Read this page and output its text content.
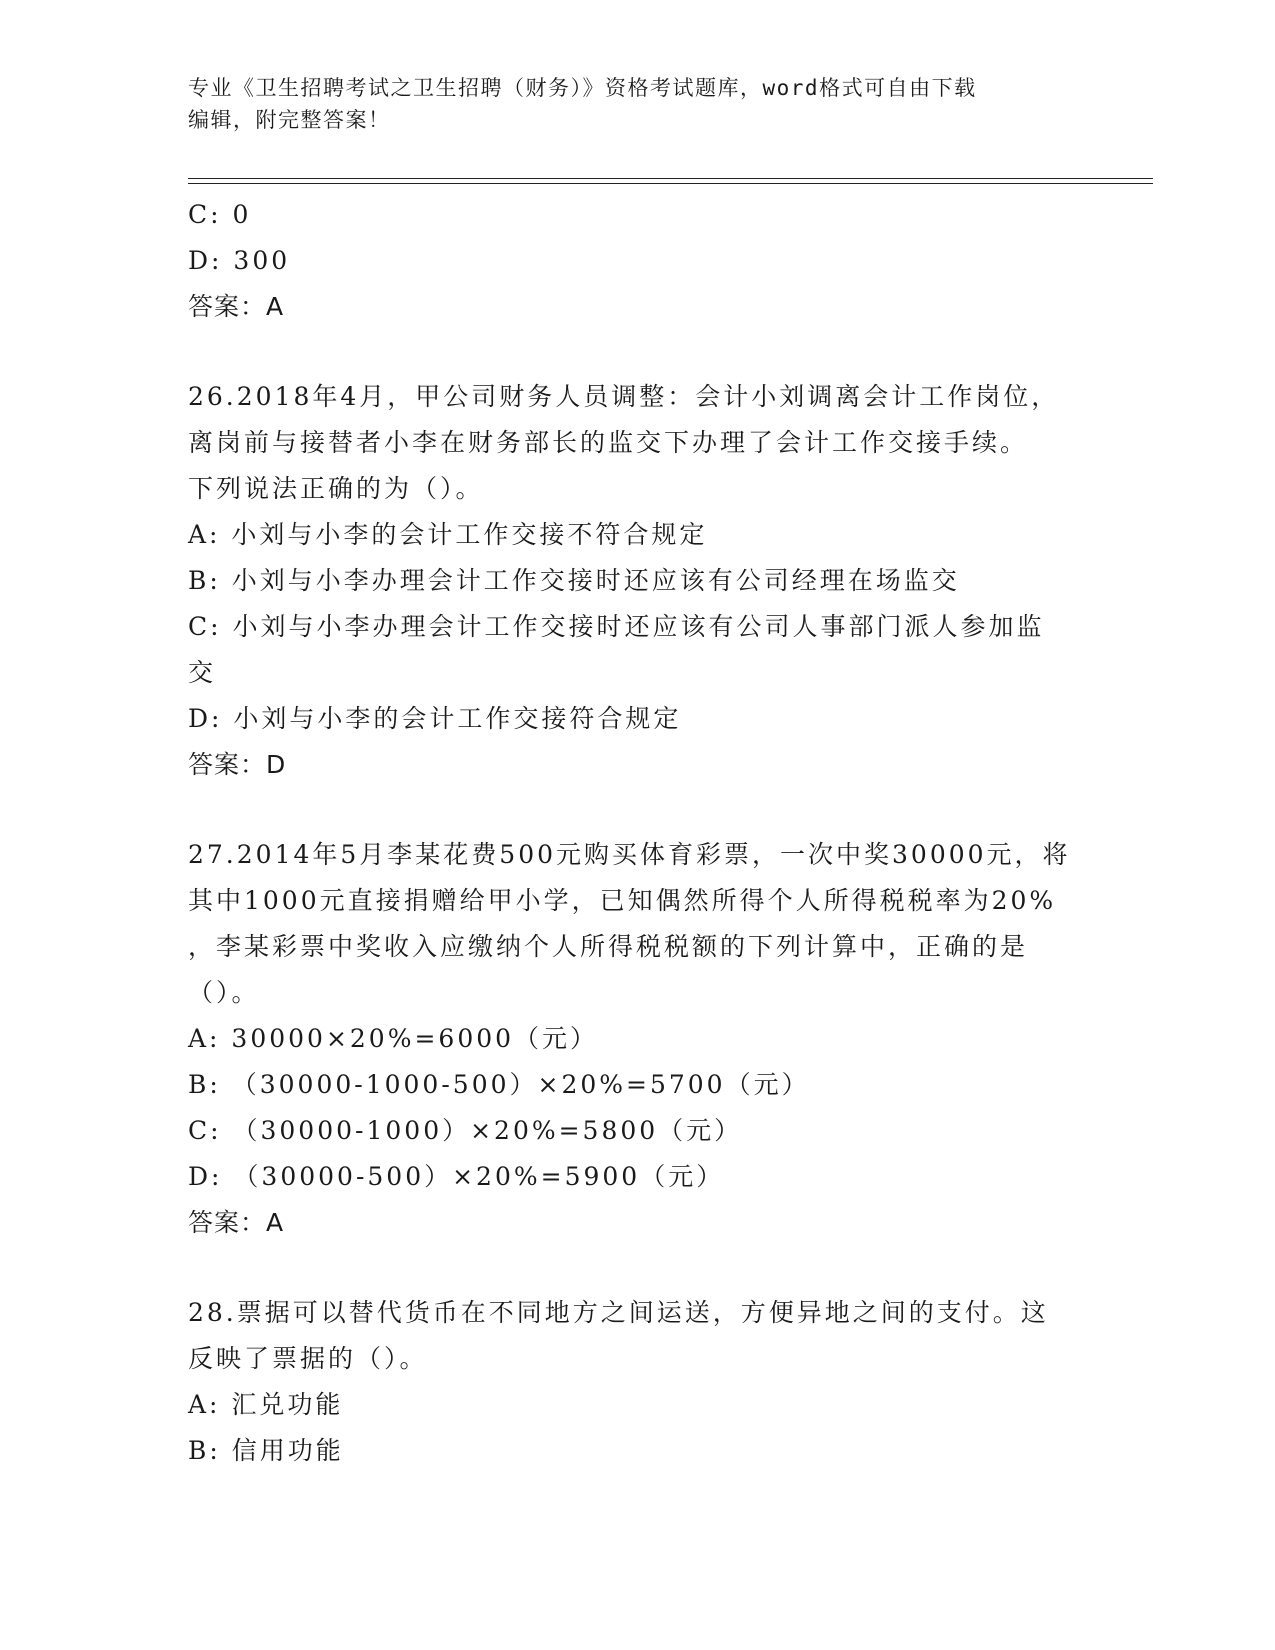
专业《卫生招聘考试之卫生招聘（财务）》资格考试题库，word格式可自由下载
编辑，附完整答案！
C: 0
D: 300
答案：A
26.2018年4月，甲公司财务人员调整：会计小刘调离会计工作岗位，
离岗前与接替者小李在财务部长的监交下办理了会计工作交接手续。
下列说法正确的为（）。
A: 小刘与小李的会计工作交接不符合规定
B: 小刘与小李办理会计工作交接时还应该有公司经理在场监交
C: 小刘与小李办理会计工作交接时还应该有公司人事部门派人参加监
交
D: 小刘与小李的会计工作交接符合规定
答案：D
27.2014年5月李某花费500元购买体育彩票，一次中奖30000元，将
其中1000元直接捐赠给甲小学，已知偶然所得个人所得税税率为20%
，李某彩票中奖收入应缴纳个人所得税税额的下列计算中，正确的是
（）。
A: 30000×20%=6000（元）
B: （30000-1000-500）×20%=5700（元）
C: （30000-1000）×20%=5800（元）
D: （30000-500）×20%=5900（元）
答案：A
28.票据可以替代货币在不同地方之间运送，方便异地之间的支付。这
反映了票据的（）。
A: 汇兑功能
B: 信用功能
